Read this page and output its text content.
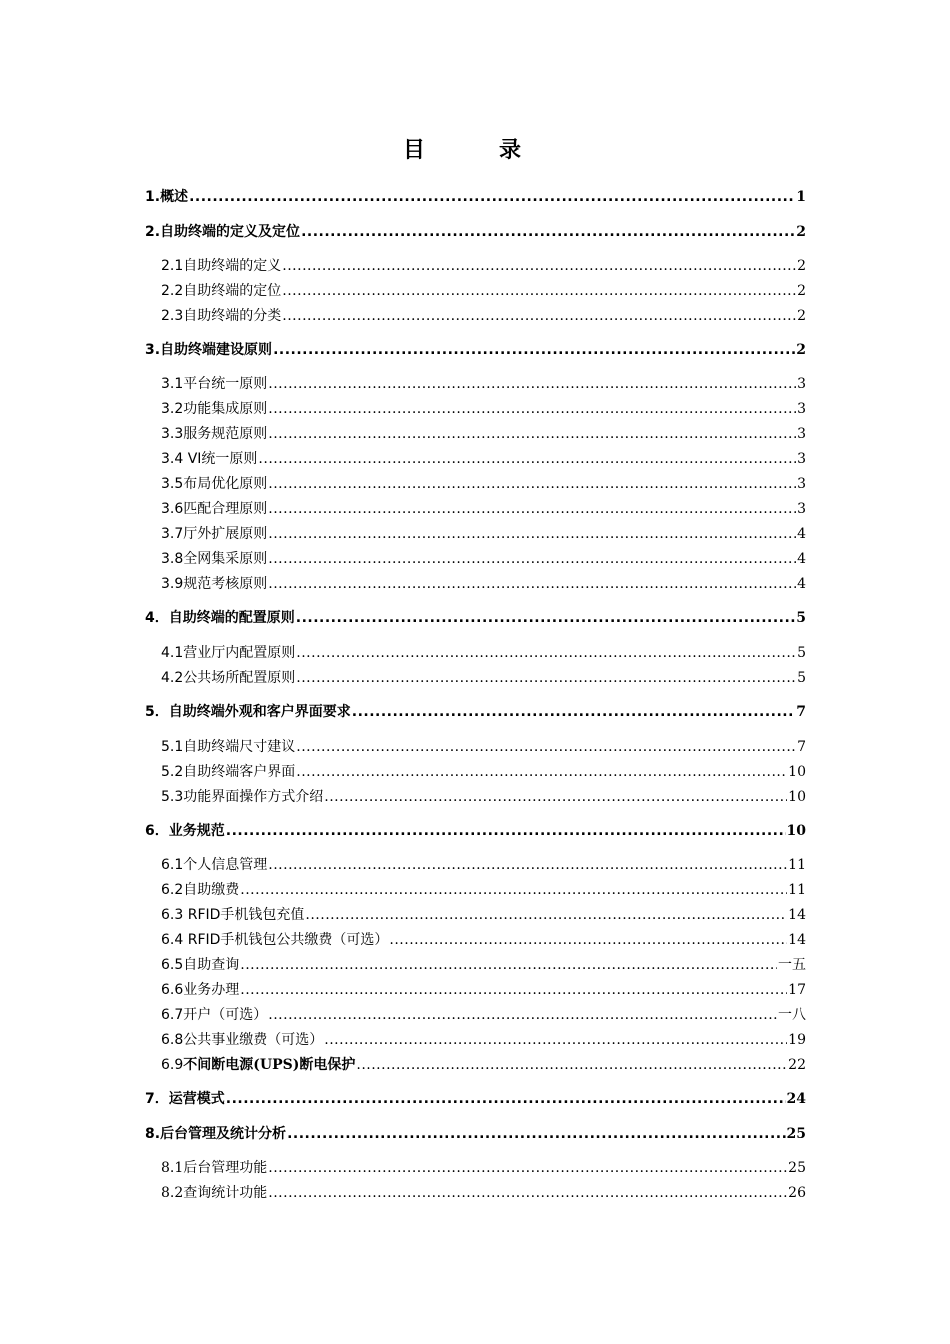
目　录
1. 概述 .....	1
2. 自助终端的定义及定位 .....	2
2.1 自助终端的定义 .....	2
2.2 自助终端的定位 .....	2
2.3 自助终端的分类 .....	2
3. 自助终端建设原则 .....	2
3.1 平台统一原则 .....	3
3.2 功能集成原则 .....	3
3.3 服务规范原则 .....	3
3.4 VI 统一原则 .....	3
3.5 布局优化原则 .....	3
3.6 匹配合理原则 .....	3
3.7 厅外扩展原则 .....	4
3.8 全网集采原则 .....	4
3.9 规范考核原则 .....	4
4． 自助终端的配置原则 .....	5
4.1 营业厅内配置原则 .....	5
4.2 公共场所配置原则 .....	5
5． 自助终端外观和客户界面要求 .....	7
5.1 自助终端尺寸建议 .....	7
5.2 自助终端客户界面 .....	10
5.3 功能界面操作方式介绍 .....	10
6． 业务规范 .....	10
6.1 个人信息管理 .....	11
6.2 自助缴费 .....	11
6.3 RFID 手机钱包充值 .....	14
6.4 RFID 手机钱包公共缴费（可选） .....	14
6.5 自助查询 .....	一五
6.6 业务办理 .....	17
6.7 开户（可选） .....	一八
6.8 公共事业缴费（可选） .....	19
6.9 不间断电源(UPS)断电保护 .....	22
7． 运营模式 .....	24
8. 后台管理及统计分析 .....	25
8.1 后台管理功能 .....	25
8.2 查询统计功能 .....	26
